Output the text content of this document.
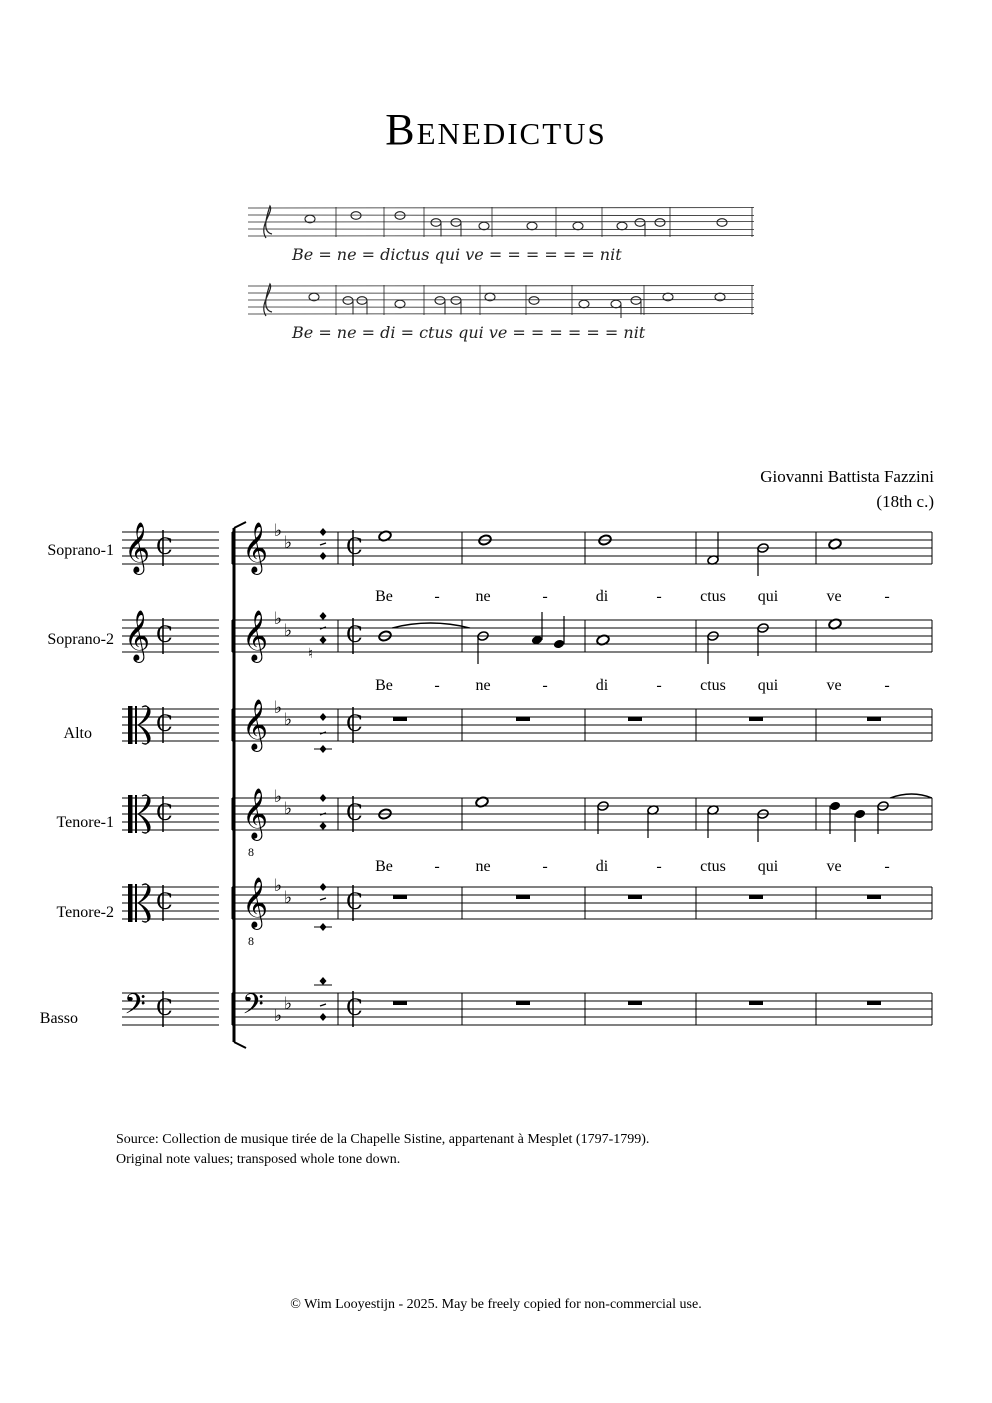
Benedictus
Be = ne = dictus qui ve = = = = = = nit
Be = ne = di = ctus qui ve = = = = = = nit
Giovanni Battista Fazzini
(18th c.)
Soprano-1
Soprano-2
Alto
Tenore-1
Tenore-2
Basso
𝄞 C 𝄞 ♭
♭ C
𝄞 C 𝄞 ♭
♭ C
C 𝄞 ♭
♭ C
C 𝄞
8
♭
♭ C
C 𝄞
8
♭
♭ C
𝄢 C 𝄢 ♭
♭ C
♮
Be	- ne	-	di	- ctus qui	ve	-
Be	- ne	-	di	- ctus qui	ve	-
Be	- ne	-	di	- ctus qui	ve	-
Source: Collection de musique tirée de la Chapelle Sistine, appartenant à Mesplet (1797-1799).
Original note values; transposed whole tone down.
© Wim Looyestijn - 2025. May be freely copied for non-commercial use.
